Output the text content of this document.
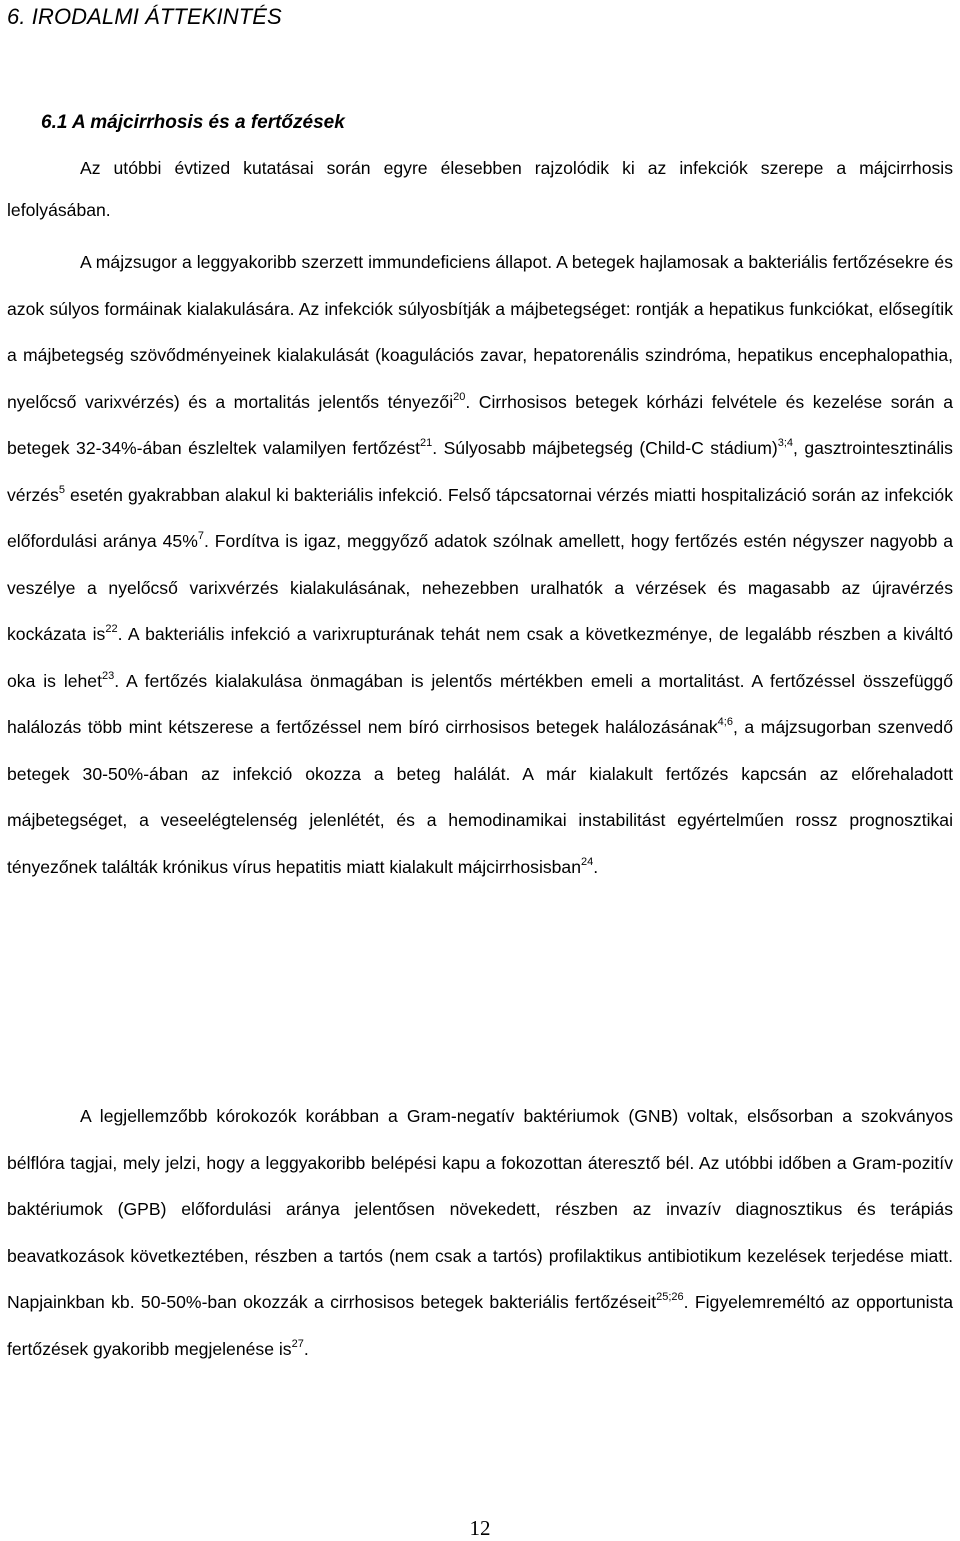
6. IRODALMI ÁTTEKINTÉS
6.1 A májcirrhosis és a fertőzések

Az utóbbi évtized kutatásai során egyre élesebben rajzolódik ki az infekciók szerepe a májcirrhosis lefolyásában.

A májzsugor a leggyakoribb szerzett immundeficiens állapot. A betegek hajlamosak a bakteriális fertőzésekre és azok súlyos formáinak kialakulására. Az infekciók súlyosbítják a májbetegséget: rontják a hepatikus funkciókat, elősegítik a májbetegség szövődményeinek kialakulását (koagulációs zavar, hepatorenális szindróma, hepatikus encephalopathia, nyelőcső varixvérzés) és a mortalitás jelentős tényezői$^{20}$. Cirrhosisos betegek kórházi felvétele és kezelése során a betegek 32-34%-ában észleltek valamilyen fertőzést$^{21}$. Súlyosabb májbetegség (Child-C stádium)$^{3;4}$, gasztrointesztinális vérzés$^5$ esetén gyakrabban alakul ki bakteriális infekció. Felső tápcsatornai vérzés miatti hospitalizáció során az infekciók előfordulási aránya 45%$^7$. Fordítva is igaz, meggyőző adatok szólnak amellett, hogy fertőzés estén négyszer nagyobb a veszélye a nyelőcső varixvérzés kialakulásának, nehezebben uralhatók a vérzések és magasabb az újravérzés kockázata $is^{22}$. A bakteriális infekció a varixrupturának tehát nem csak a következménye, de legalább részben a kiváltó oka is lehet$^{23}$. A fertőzés kialakulása önmagában is jelentős mértékben emeli a mortalitást. A fertőzéssel összefüggő halálozás több mint kétszerese a fertőzéssel nem bíró cirrhosisos betegek halálozásának$^{4;6}$, a májzsugorban szenvedő betegek 30-50%-ában az infekció okozza a beteg halálát. A már kialakult fertőzés kapcsán az előrehaladott májbetegséget, a veseelégtelenség jelenlétét, és a hemodinamikai instabilitást egyértelműen rossz prognosztikai tényezőnek találták krónikus vírus hepatitis miatt kialakult májcirrhosisban$^{24}$.

A legjellemzőbb kórokozók korábban a Gram-negatív baktériumok (GNB) voltak, elsősorban a szokványos bélflóra tagjai, mely jelzi, hogy a leggyakoribb belépési kapu a fokozottan áteresztő bél. Az utóbbi időben a Gram-pozitív baktériumok (GPB) előfordulási aránya jelentősen növekedett, részben az invazív diagnosztikus és terápiás beavatkozások következtében, részben a tartós (nem csak a tartós) profilaktikus antibiotikum kezelések terjedése miatt. Napjainkban kb. 50-50%-ban okozzák a cirrhosisos betegek bakteriális fertőzéseit$^{25;26}$. Figyelemreméltó az opportunista fertőzések gyakoribb megjelenése $is^{27}$.

12
